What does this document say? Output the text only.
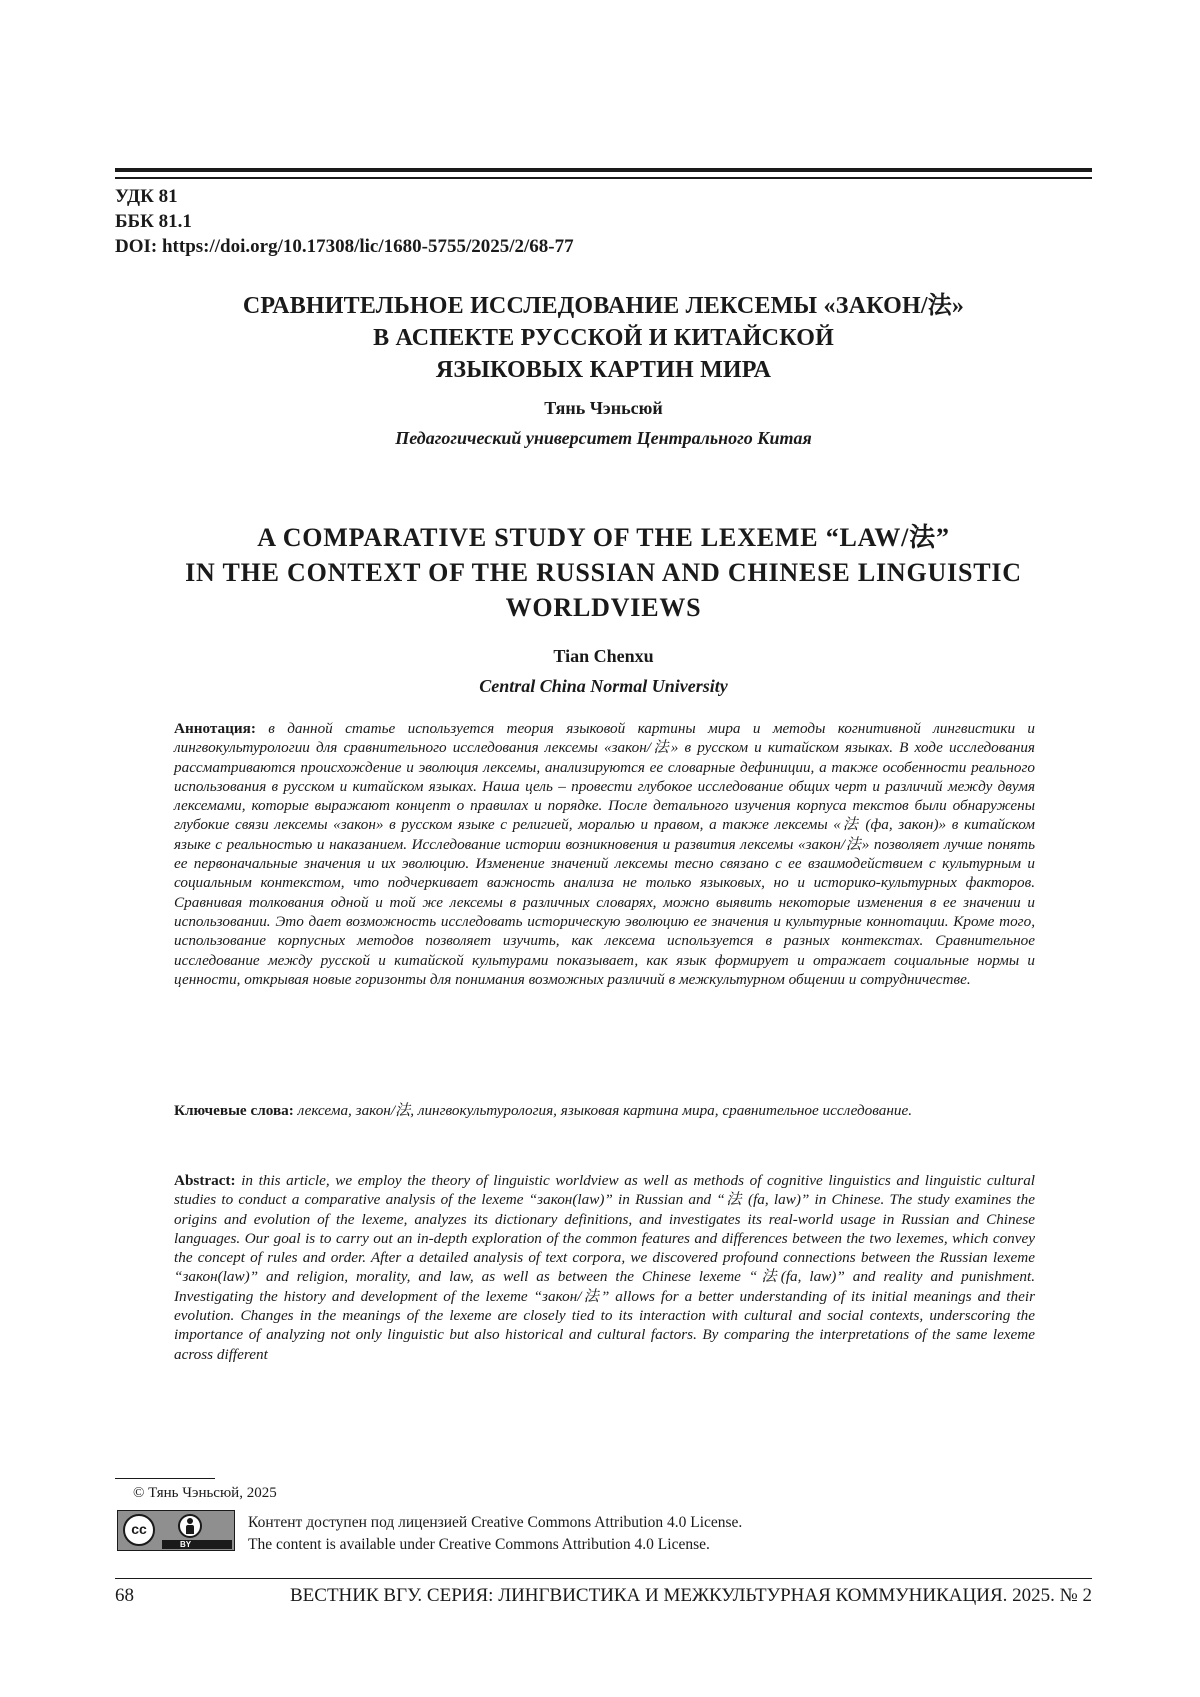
УДК 81
ББК 81.1
DOI: https://doi.org/10.17308/lic/1680-5755/2025/2/68-77
СРАВНИТЕЛЬНОЕ ИССЛЕДОВАНИЕ ЛЕКСЕМЫ «ЗАКОН/法»
В АСПЕКТЕ РУССКОЙ И КИТАЙСКОЙ
ЯЗЫКОВЫХ КАРТИН МИРА
Тянь Чэньсюй
Педагогический университет Центрального Китая
A COMPARATIVE STUDY OF THE LEXEME “LAW/法”
IN THE CONTEXT OF THE RUSSIAN AND CHINESE LINGUISTIC
WORLDVIEWS
Tian Chenxu
Central China Normal University
Аннотация: в данной статье используется теория языковой картины мира и методы когнитивной лингвистики и лингвокультурологии для сравнительного исследования лексемы «закон/法» в русском и китайском языках. В ходе исследования рассматриваются происхождение и эволюция лексемы, анализируются ее словарные дефиниции, а также особенности реального использования в русском и китайском языках. Наша цель – провести глубокое исследование общих черт и различий между двумя лексемами, которые выражают концепт о правилах и порядке. После детального изучения корпуса текстов были обнаружены глубокие связи лексемы «закон» в русском языке с религией, моралью и правом, а также лексемы «法 (фа, закон)» в китайском языке с реальностью и наказанием. Исследование истории возникновения и развития лексемы «закон/法» позволяет лучше понять ее первоначальные значения и их эволюцию. Изменение значений лексемы тесно связано с ее взаимодействием с культурным и социальным контекстом, что подчеркивает важность анализа не только языковых, но и историко-культурных факторов. Сравнивая толкования одной и той же лексемы в различных словарях, можно выявить некоторые изменения в ее значении и использовании. Это дает возможность исследовать историческую эволюцию ее значения и культурные коннотации. Кроме того, использование корпусных методов позволяет изучить, как лексема используется в разных контекстах. Сравнительное исследование между русской и китайской культурами показывает, как язык формирует и отражает социальные нормы и ценности, открывая новые горизонты для понимания возможных различий в межкультурном общении и сотрудничестве.
Ключевые слова: лексема, закон/法, лингвокультурология, языковая картина мира, сравнительное исследование.
Abstract: in this article, we employ the theory of linguistic worldview as well as methods of cognitive linguistics and linguistic cultural studies to conduct a comparative analysis of the lexeme “закон(law)” in Russian and “法 (fa, law)” in Chinese. The study examines the origins and evolution of the lexeme, analyzes its dictionary definitions, and investigates its real-world usage in Russian and Chinese languages. Our goal is to carry out an in-depth exploration of the common features and differences between the two lexemes, which convey the concept of rules and order. After a detailed analysis of text corpora, we discovered profound connections between the Russian lexeme “закон(law)” and religion, morality, and law, as well as between the Chinese lexeme “法(fa, law)” and reality and punishment. Investigating the history and development of the lexeme “закон/法” allows for a better understanding of its initial meanings and their evolution. Changes in the meanings of the lexeme are closely tied to its interaction with cultural and social contexts, underscoring the importance of analyzing not only linguistic but also historical and cultural factors. By comparing the interpretations of the same lexeme across different
© Тянь Чэньсюй, 2025
cc
BY
Контент доступен под лицензией Creative Commons Attribution 4.0 License.
The content is available under Creative Commons Attribution 4.0 License.
68	ВЕСТНИК ВГУ. СЕРИЯ: ЛИНГВИСТИКА И МЕЖКУЛЬТУРНАЯ КОММУНИКАЦИЯ. 2025. № 2
